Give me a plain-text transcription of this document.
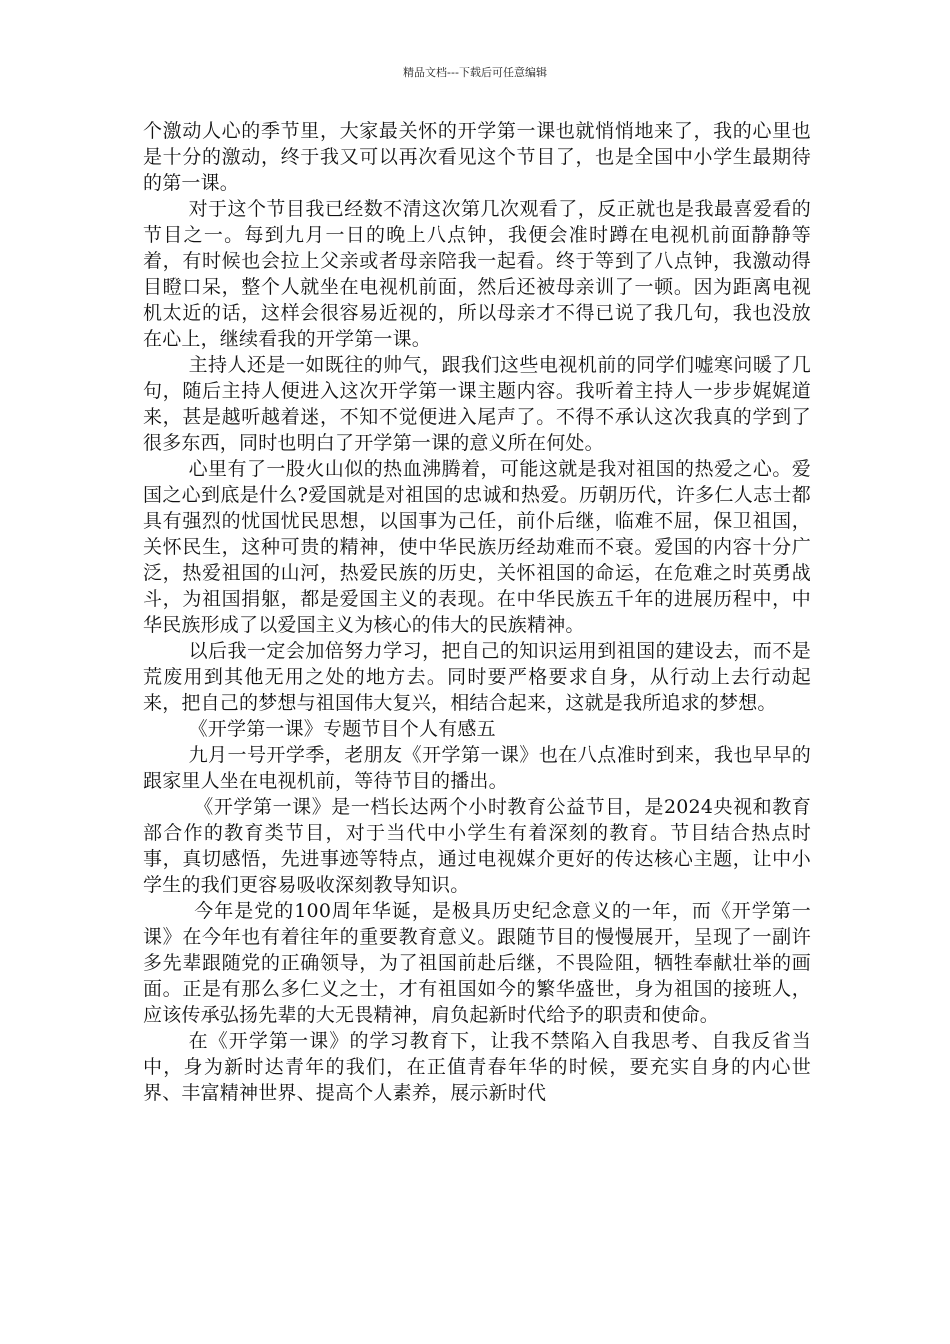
精品文档---下载后可任意编辑

个激动人心的季节里，大家最关怀的开学第一课也就悄悄地来了，我的心里也是十分的激动，终于我又可以再次看见这个节目了，也是全国中小学生最期待的第一课。

对于这个节目我已经数不清这次第几次观看了，反正就也是我最喜爱看的节目之一。每到九月一日的晚上八点钟，我便会准时蹲在电视机前面静静等着，有时候也会拉上父亲或者母亲陪我一起看。终于等到了八点钟，我激动得目瞪口呆，整个人就坐在电视机前面，然后还被母亲训了一顿。因为距离电视机太近的话，这样会很容易近视的，所以母亲才不得已说了我几句，我也没放在心上，继续看我的开学第一课。

主持人还是一如既往的帅气，跟我们这些电视机前的同学们嘘寒问暖了几句，随后主持人便进入这次开学第一课主题内容。我听着主持人一步步娓娓道来，甚是越听越着迷，不知不觉便进入尾声了。不得不承认这次我真的学到了很多东西，同时也明白了开学第一课的意义所在何处。

心里有了一股火山似的热血沸腾着，可能这就是我对祖国的热爱之心。爱国之心到底是什么?爱国就是对祖国的忠诚和热爱。历朝历代，许多仁人志士都具有强烈的忧国忧民思想，以国事为己任，前仆后继，临难不屈，保卫祖国，关怀民生，这种可贵的精神，使中华民族历经劫难而不衰。爱国的内容十分广泛，热爱祖国的山河，热爱民族的历史，关怀祖国的命运，在危难之时英勇战斗，为祖国捐躯，都是爱国主义的表现。在中华民族五千年的进展历程中，中华民族形成了以爱国主义为核心的伟大的民族精神。

以后我一定会加倍努力学习，把自己的知识运用到祖国的建设去，而不是荒废用到其他无用之处的地方去。同时要严格要求自身，从行动上去行动起来，把自己的梦想与祖国伟大复兴，相结合起来，这就是我所追求的梦想。

《开学第一课》专题节目个人有感五

九月一号开学季，老朋友《开学第一课》也在八点准时到来，我也早早的跟家里人坐在电视机前，等待节目的播出。

《开学第一课》是一档长达两个小时教育公益节目，是2024央视和教育部合作的教育类节目，对于当代中小学生有着深刻的教育。节目结合热点时事，真切感悟，先进事迹等特点，通过电视媒介更好的传达核心主题，让中小学生的我们更容易吸收深刻教导知识。

今年是党的100周年华诞，是极具历史纪念意义的一年，而《开学第一课》在今年也有着往年的重要教育意义。跟随节目的慢慢展开，呈现了一副许多先辈跟随党的正确领导，为了祖国前赴后继，不畏险阻，牺牲奉献壮举的画面。正是有那么多仁义之士，才有祖国如今的繁华盛世，身为祖国的接班人，应该传承弘扬先辈的大无畏精神，肩负起新时代给予的职责和使命。

在《开学第一课》的学习教育下，让我不禁陷入自我思考、自我反省当中，身为新时达青年的我们，在正值青春年华的时候，要充实自身的内心世界、丰富精神世界、提高个人素养，展示新时代
